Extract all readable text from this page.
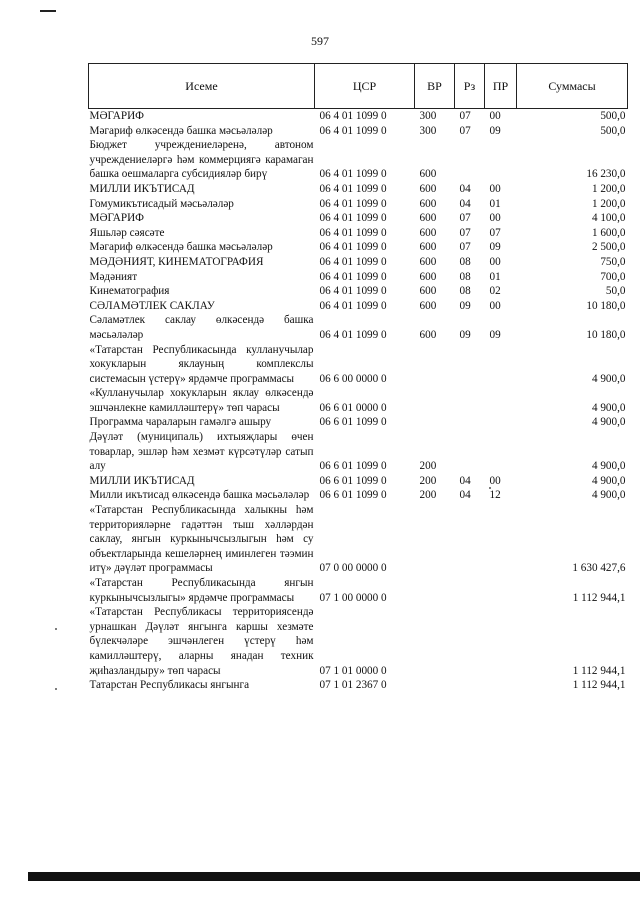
597
Исеме	ЦСР	ВР	Рз	ПР	Суммасы
МӘГАРИФ	06 4 01 1099 0	300	07	00	500,0
Мәгариф өлкәсендә башка мәсьәләләр	06 4 01 1099 0	300	07	09	500,0
Бюджет учреждениеләренә, автоном учреждениеләргә һәм коммерциягә карамаган башка оешмаларга субсидияләр бирү	06 4 01 1099 0	600			16 230,0
МИЛЛИ ИКЪТИСАД	06 4 01 1099 0	600	04	00	1 200,0
Гомумикътисадый мәсьәләләр	06 4 01 1099 0	600	04	01	1 200,0
МӘГАРИФ	06 4 01 1099 0	600	07	00	4 100,0
Яшьләр сәясәте	06 4 01 1099 0	600	07	07	1 600,0
Мәгариф өлкәсендә башка мәсьәләләр	06 4 01 1099 0	600	07	09	2 500,0
МӘДӘНИЯТ, КИНЕМАТОГРАФИЯ	06 4 01 1099 0	600	08	00	750,0
Мәдәният	06 4 01 1099 0	600	08	01	700,0
Кинематография	06 4 01 1099 0	600	08	02	50,0
СӘЛАМӘТЛЕК САКЛАУ	06 4 01 1099 0	600	09	00	10 180,0
Сәламәтлек саклау өлкәсендә башка мәсьәләләр	06 4 01 1099 0	600	09	09	10 180,0
«Татарстан Республикасында кулланучылар хокукларын яклауның комплекслы системасын үстерү» ярдәмче программасы	06 6 00 0000 0				4 900,0
«Кулланучылар хокукларын яклау өлкәсендә эшчәнлекне камилләштерү» төп чарасы	06 6 01 0000 0				4 900,0
Программа чараларын гамәлгә ашыру	06 6 01 1099 0				4 900,0
Дәүләт (муниципаль) ихтыяҗлары өчен товарлар, эшләр һәм хезмәт күрсәтүләр сатып алу	06 6 01 1099 0	200			4 900,0
МИЛЛИ ИКЪТИСАД	06 6 01 1099 0	200	04	00	4 900,0
Милли икътисад өлкәсендә башка мәсьәләләр	06 6 01 1099 0	200	04	12	4 900,0
«Татарстан Республикасында халыкны һәм территорияләрне гадәттән тыш хәлләрдән саклау, янгын куркынычсызлыгын һәм су объектларында кешеләрнең иминлеген тәэмин итү» дәүләт программасы	07 0 00 0000 0				1 630 427,6
«Татарстан Республикасында янгын куркынычсызлыгы» ярдәмче программасы	07 1 00 0000 0				1 112 944,1
«Татарстан Республикасы территориясендә урнашкан Дәүләт янгынга каршы хезмәте бүлекчәләре эшчәнлеген үстерү һәм камилләштерү, аларны янадан техник җиһазландыру» төп чарасы	07 1 01 0000 0				1 112 944,1
Татарстан Республикасы янгынга	07 1 01 2367 0				1 112 944,1
